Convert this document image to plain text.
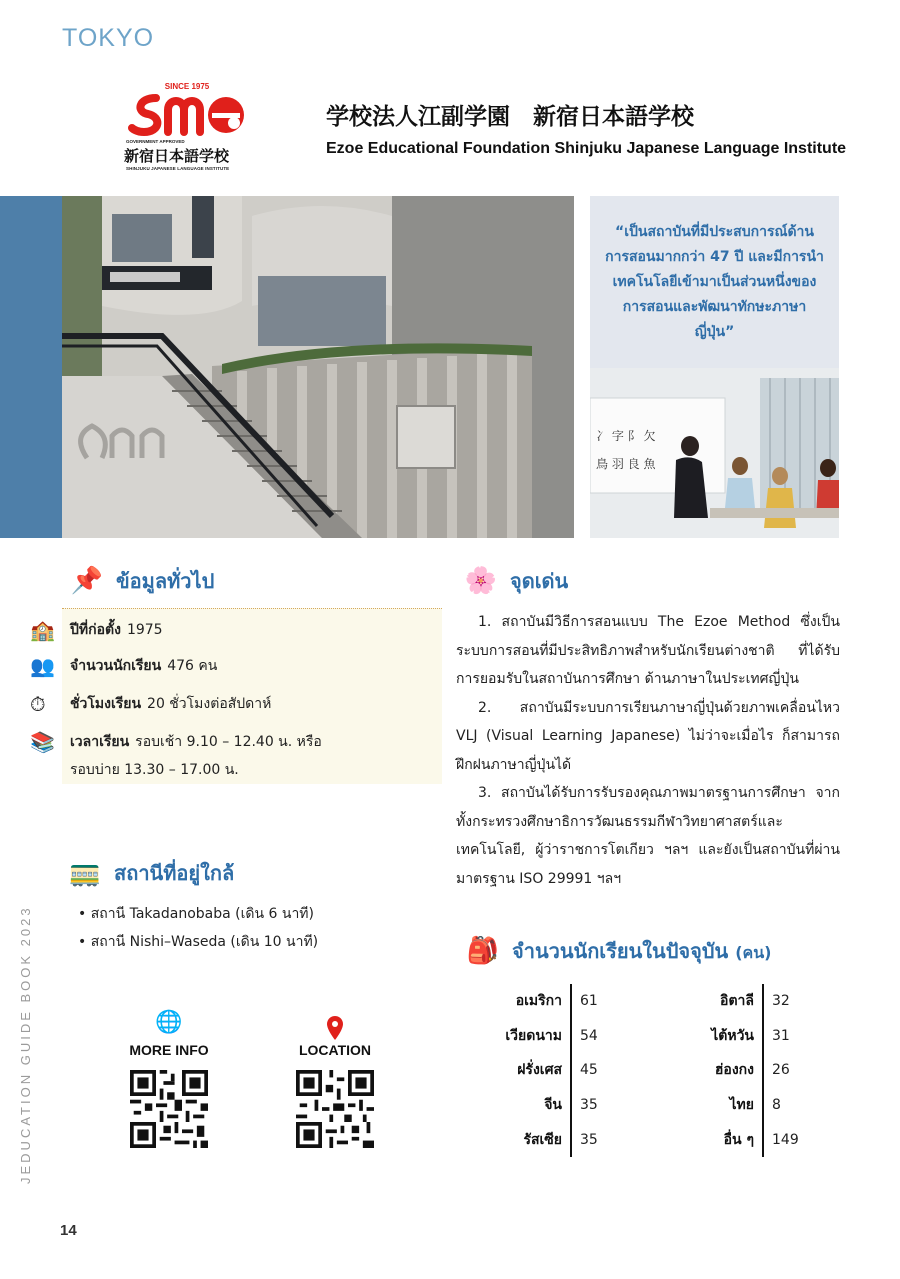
TOKYO
SINCE 1975
GOVERNMENT APPROVED
新宿日本語学校
SHINJUKU JAPANESE LANGUAGE INSTITUTE
学校法人江副学園　新宿日本語学校
Ezoe Educational Foundation Shinjuku Japanese Language Institute

“เป็นสถาบันที่มีประสบการณ์ด้านการสอนมากกว่า 47 ปี และมีการนำเทคโนโลยีเข้ามาเป็นส่วนหนึ่งของการสอนและพัฒนาทักษะภาษาญี่ปุ่น”

冫 字 阝 欠
鳥 羽 良 魚
📌 ข้อมูลทั่วไป
🏫	ปีที่ก่อตั้ง 1975
👥	จำนวนนักเรียน 476 คน
⏱	ชั่วโมงเรียน 20 ชั่วโมงต่อสัปดาห์
📚	เวลาเรียน รอบเช้า 9.10 – 12.40 น. หรือ รอบบ่าย 13.30 – 17.00 น.
🌸 จุดเด่น

1. สถาบันมีวิธีการสอนแบบ The Ezoe Method ซึ่งเป็นระบบการสอนที่มีประสิทธิภาพสำหรับนักเรียนต่างชาติ ที่ได้รับการยอมรับในสถาบันการศึกษา ด้านภาษาในประเทศญี่ปุ่น

2. สถาบันมีระบบการเรียนภาษาญี่ปุ่นด้วยภาพเคลื่อนไหว VLJ (Visual Learning Japanese) ไม่ว่าจะเมื่อไร ก็สามารถฝึกฝนภาษาญี่ปุ่นได้

3. สถาบันได้รับการรับรองคุณภาพมาตรฐานการศึกษา จากทั้งกระทรวงศึกษาธิการวัฒนธรรมกีฬาวิทยาศาสตร์และเทคโนโลยี, ผู้ว่าราชการโตเกียว ฯลฯ และยังเป็นสถาบันที่ผ่านมาตรฐาน ISO 29991 ฯลฯ

🚃 สถานีที่อยู่ใกล้
• สถานี Takadanobaba (เดิน 6 นาที)
• สถานี Nishi–Waseda (เดิน 10 นาที)
🌐
MORE INFO	LOCATION
🎒 จำนวนนักเรียนในปัจจุบัน (คน)
อเมริกา	61
เวียดนาม	54
ฝรั่งเศส	45
จีน	35
รัสเซีย	35
อิตาลี	32
ไต้หวัน	31
ฮ่องกง	26
ไทย	8
อื่น ๆ	149
JEDUCATION GUIDE BOOK 2023
14
